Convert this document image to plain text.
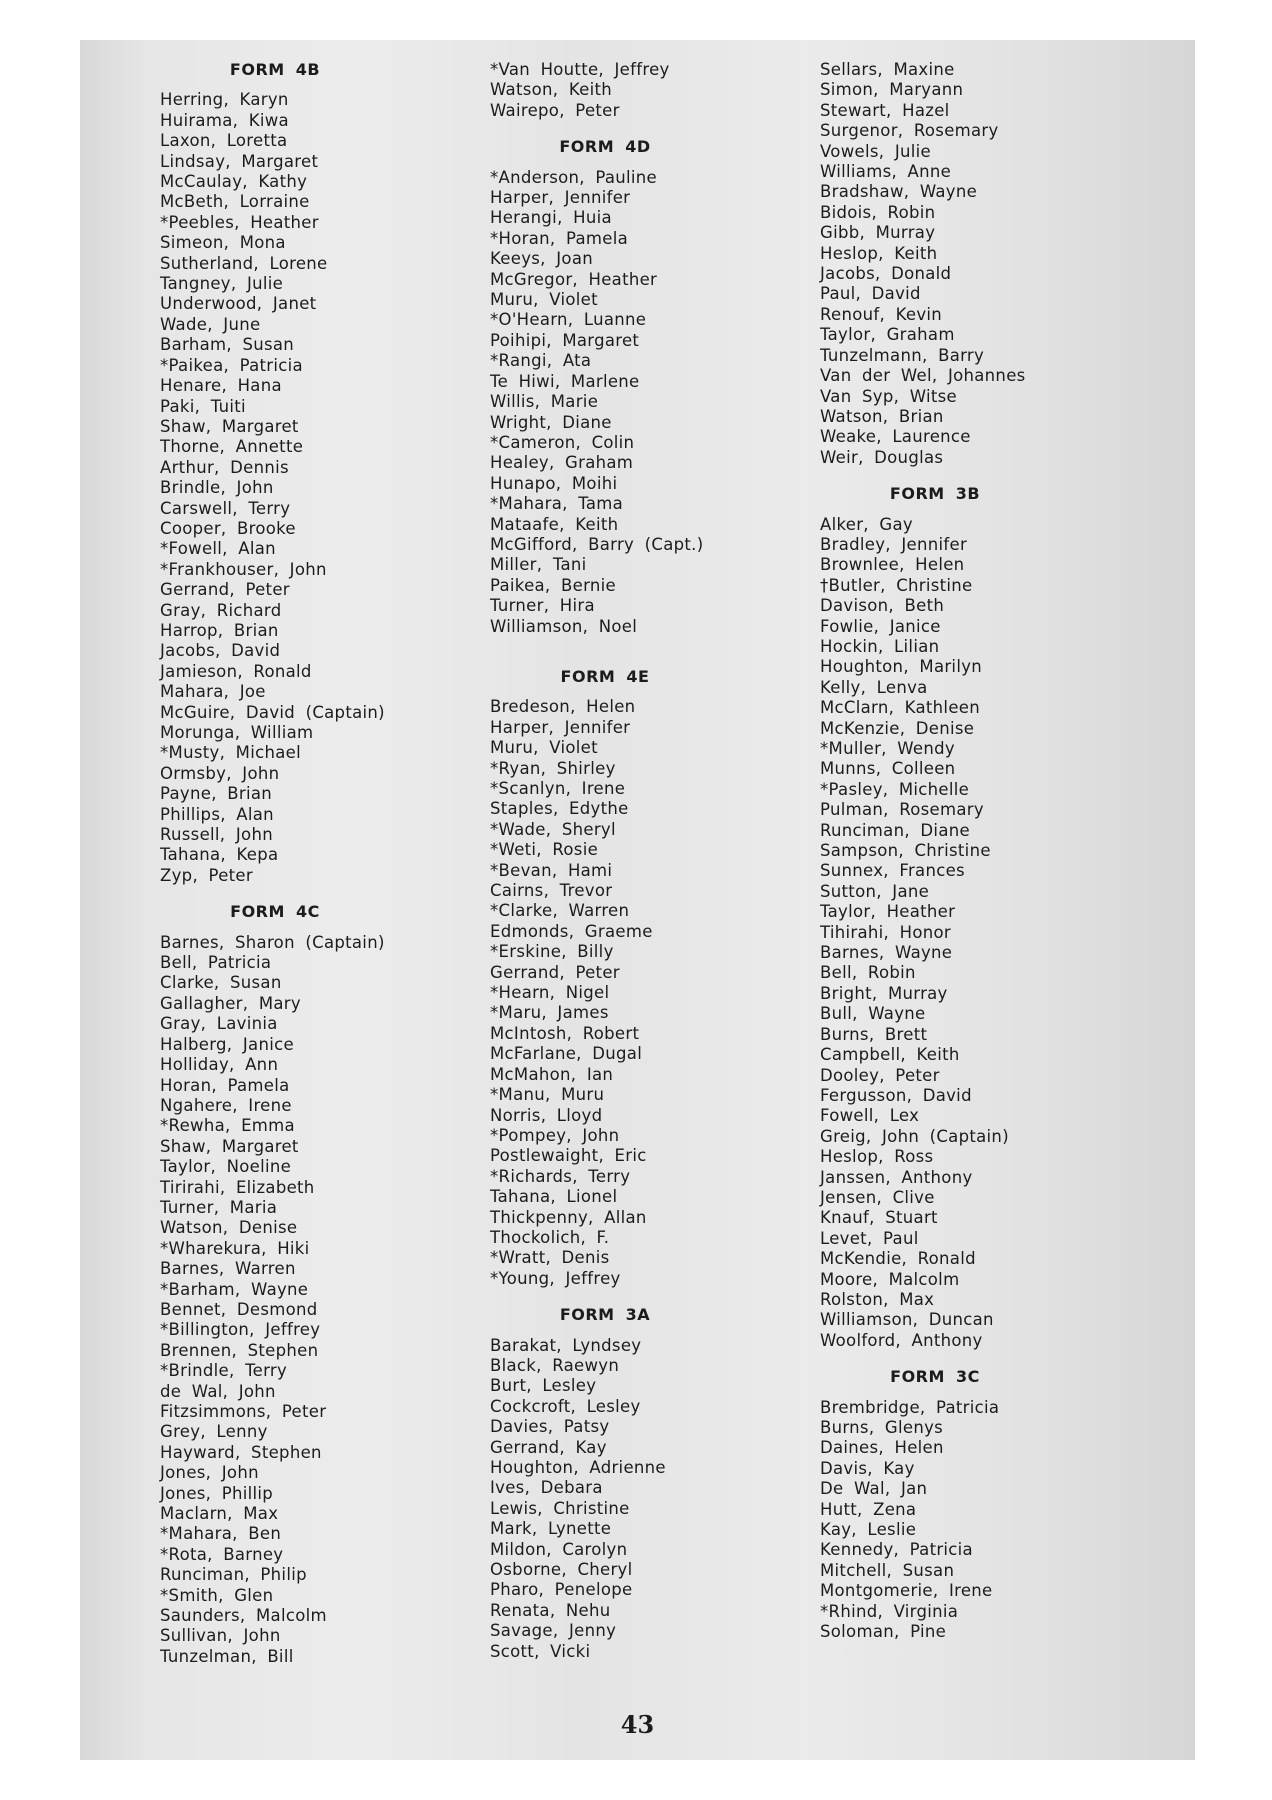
FORM 4B
Herring, Karyn
Huirama, Kiwa
Laxon, Loretta
Lindsay, Margaret
McCaulay, Kathy
McBeth, Lorraine
*Peebles, Heather
Simeon, Mona
Sutherland, Lorene
Tangney, Julie
Underwood, Janet
Wade, June
Barham, Susan
*Paikea, Patricia
Henare, Hana
Paki, Tuiti
Shaw, Margaret
Thorne, Annette
Arthur, Dennis
Brindle, John
Carswell, Terry
Cooper, Brooke
*Fowell, Alan
*Frankhouser, John
Gerrand, Peter
Gray, Richard
Harrop, Brian
Jacobs, David
Jamieson, Ronald
Mahara, Joe
McGuire, David (Captain)
Morunga, William
*Musty, Michael
Ormsby, John
Payne, Brian
Phillips, Alan
Russell, John
Tahana, Kepa
Zyp, Peter
FORM 4C
Barnes, Sharon (Captain)
Bell, Patricia
Clarke, Susan
Gallagher, Mary
Gray, Lavinia
Halberg, Janice
Holliday, Ann
Horan, Pamela
Ngahere, Irene
*Rewha, Emma
Shaw, Margaret
Taylor, Noeline
Tirirahi, Elizabeth
Turner, Maria
Watson, Denise
*Wharekura, Hiki
Barnes, Warren
*Barham, Wayne
Bennet, Desmond
*Billington, Jeffrey
Brennen, Stephen
*Brindle, Terry
de Wal, John
Fitzsimmons, Peter
Grey, Lenny
Hayward, Stephen
Jones, John
Jones, Phillip
Maclarn, Max
*Mahara, Ben
*Rota, Barney
Runciman, Philip
*Smith, Glen
Saunders, Malcolm
Sullivan, John
Tunzelman, Bill
*Van Houtte, Jeffrey
Watson, Keith
Wairepo, Peter
FORM 4D
*Anderson, Pauline
Harper, Jennifer
Herangi, Huia
*Horan, Pamela
Keeys, Joan
McGregor, Heather
Muru, Violet
*O'Hearn, Luanne
Poihipi, Margaret
*Rangi, Ata
Te Hiwi, Marlene
Willis, Marie
Wright, Diane
*Cameron, Colin
Healey, Graham
Hunapo, Moihi
*Mahara, Tama
Mataafe, Keith
McGifford, Barry (Capt.)
Miller, Tani
Paikea, Bernie
Turner, Hira
Williamson, Noel
FORM 4E
Bredeson, Helen
Harper, Jennifer
Muru, Violet
*Ryan, Shirley
*Scanlyn, Irene
Staples, Edythe
*Wade, Sheryl
*Weti, Rosie
*Bevan, Hami
Cairns, Trevor
*Clarke, Warren
Edmonds, Graeme
*Erskine, Billy
Gerrand, Peter
*Hearn, Nigel
*Maru, James
McIntosh, Robert
McFarlane, Dugal
McMahon, Ian
*Manu, Muru
Norris, Lloyd
*Pompey, John
Postlewaight, Eric
*Richards, Terry
Tahana, Lionel
Thickpenny, Allan
Thockolich, F.
*Wratt, Denis
*Young, Jeffrey
FORM 3A
Barakat, Lyndsey
Black, Raewyn
Burt, Lesley
Cockcroft, Lesley
Davies, Patsy
Gerrand, Kay
Houghton, Adrienne
Ives, Debara
Lewis, Christine
Mark, Lynette
Mildon, Carolyn
Osborne, Cheryl
Pharo, Penelope
Renata, Nehu
Savage, Jenny
Scott, Vicki
Sellars, Maxine
Simon, Maryann
Stewart, Hazel
Surgenor, Rosemary
Vowels, Julie
Williams, Anne
Bradshaw, Wayne
Bidois, Robin
Gibb, Murray
Heslop, Keith
Jacobs, Donald
Paul, David
Renouf, Kevin
Taylor, Graham
Tunzelmann, Barry
Van der Wel, Johannes
Van Syp, Witse
Watson, Brian
Weake, Laurence
Weir, Douglas
FORM 3B
Alker, Gay
Bradley, Jennifer
Brownlee, Helen
†Butler, Christine
Davison, Beth
Fowlie, Janice
Hockin, Lilian
Houghton, Marilyn
Kelly, Lenva
McClarn, Kathleen
McKenzie, Denise
*Muller, Wendy
Munns, Colleen
*Pasley, Michelle
Pulman, Rosemary
Runciman, Diane
Sampson, Christine
Sunnex, Frances
Sutton, Jane
Taylor, Heather
Tihirahi, Honor
Barnes, Wayne
Bell, Robin
Bright, Murray
Bull, Wayne
Burns, Brett
Campbell, Keith
Dooley, Peter
Fergusson, David
Fowell, Lex
Greig, John (Captain)
Heslop, Ross
Janssen, Anthony
Jensen, Clive
Knauf, Stuart
Levet, Paul
McKendie, Ronald
Moore, Malcolm
Rolston, Max
Williamson, Duncan
Woolford, Anthony
FORM 3C
Brembridge, Patricia
Burns, Glenys
Daines, Helen
Davis, Kay
De Wal, Jan
Hutt, Zena
Kay, Leslie
Kennedy, Patricia
Mitchell, Susan
Montgomerie, Irene
*Rhind, Virginia
Soloman, Pine
43
